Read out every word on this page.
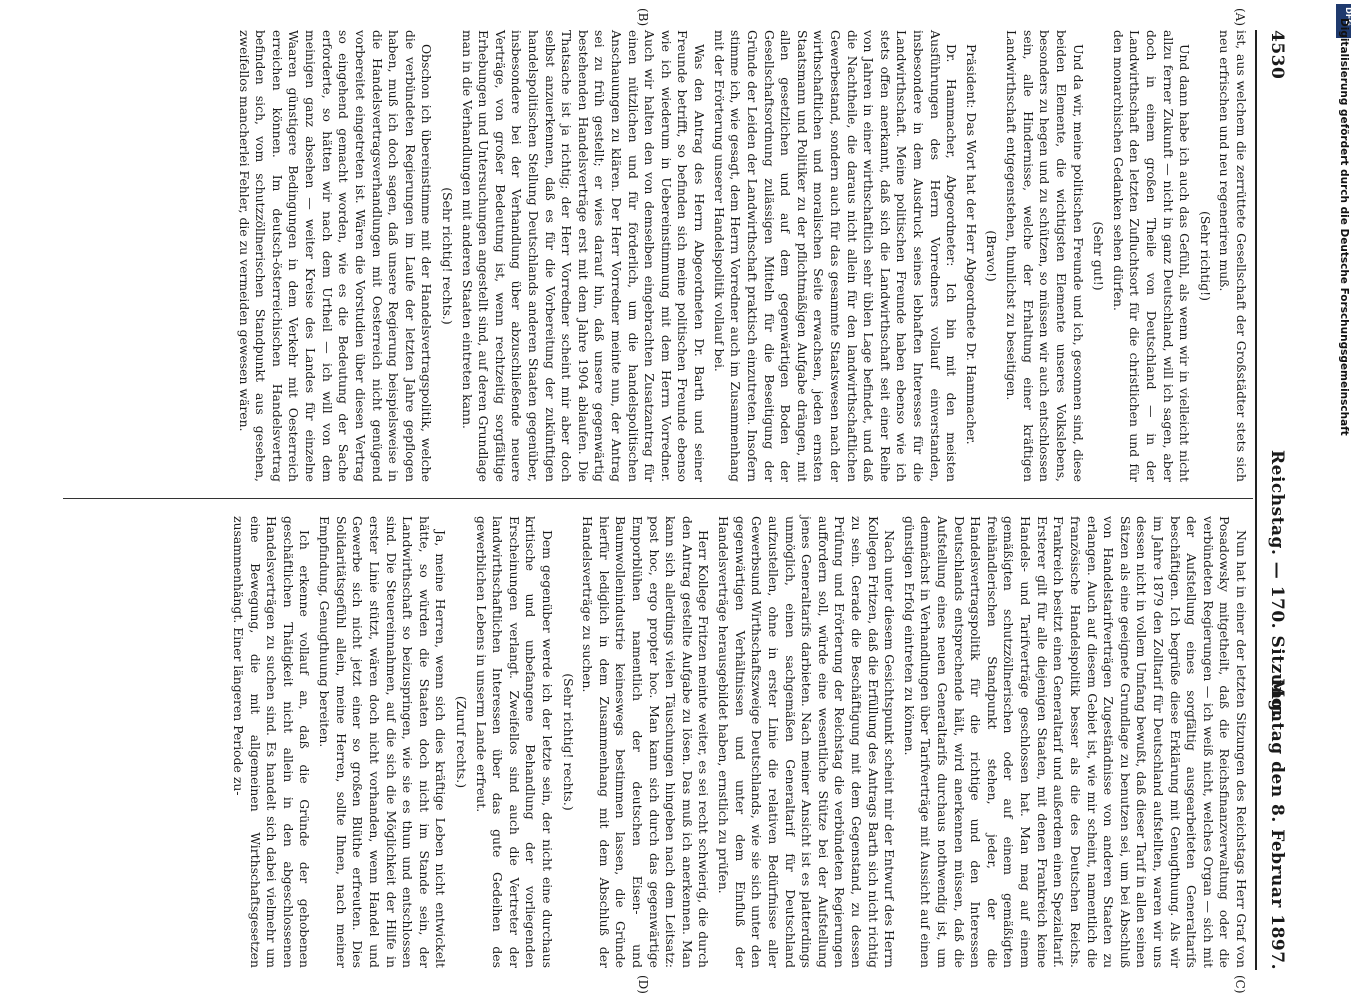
4530
Reichstag. — 170. Sitzung.
Montag den 8. Februar 1897.
(A)
(B)
(C)
(D)

ist, aus welchem die zerrüttete Gesellschaft der Großstädter stets sich neu erfrischen und neu regeneriren muß.

(Sehr richtig!)

Und dann habe ich auch das Gefühl, als wenn wir in vielleicht nicht allzu ferner Zukunft — nicht in ganz Deutschland, will ich sagen, aber doch in einem großen Theile von Deutschland — in der Landwirthschaft den letzten Zufluchtsort für die christlichen und für den monarchischen Gedanken sehen dürfen.

(Sehr gut!)

Und da wir, meine politischen Freunde und ich, gesonnen sind, diese beiden Elemente, die wichtigsten Elemente unseres Volkslebens, besonders zu hegen und zu schützen, so müssen wir auch entschlossen sein, alle Hindernisse, welche der Erhaltung einer kräftigen Landwirthschaft entgegenstehen, thunlichst zu beseitigen.

(Bravo!)

Präsident: Das Wort hat der Herr Abgeordnete Dr. Hammacher.

Dr. Hammacher, Abgeordneter: Ich bin mit den meisten Ausführungen des Herrn Vorredners vollauf einverstanden, insbesondere in dem Ausdruck seines lebhaften Interesses für die Landwirthschaft. Meine politischen Freunde haben ebenso wie ich stets offen anerkannt, daß sich die Landwirthschaft seit einer Reihe von Jahren in einer wirthschaftlich sehr üblen Lage befindet, und daß die Nachtheile, die daraus nicht allein für den landwirthschaftlichen Gewerbestand, sondern auch für das gesammte Staatswesen nach der wirthschaftlichen und moralischen Seite erwachsen, jeden ernsten Staatsmann und Politiker zu der pflichtmäßigen Aufgabe drängen, mit allen gesetzlichen und auf dem gegenwärtigen Boden der Gesellschaftsordnung zulässigen Mitteln für die Beseitigung der Gründe der Leiden der Landwirthschaft praktisch einzutreten. Insofern stimme ich, wie gesagt, dem Herrn Vorredner auch im Zusammenhang mit der Erörterung unserer Handelspolitik vollauf bei.

Was den Antrag des Herrn Abgeordneten Dr. Barth und seiner Freunde betrifft, so befinden sich meine politischen Freunde ebenso wie ich wiederum in Uebereinstimmung mit dem Herrn Vorredner. Auch wir halten den von demselben eingebrachten Zusatzantrag für einen nützlichen und für förderlich, um die handelspolitischen Anschauungen zu klären. Der Herr Vorredner meinte nun, der Antrag sei zu früh gestellt; er wies darauf hin, daß unsere gegenwärtig bestehenden Handelsverträge erst mit dem Jahre 1904 ablaufen. Die Thatsache ist ja richtig; der Herr Vorredner scheint mir aber doch selbst anzuerkennen, daß es für die Vorbereitung der zukünftigen handelspolitischen Stellung Deutschlands anderen Staaten gegenüber, insbesondere bei der Verhandlung über abzuschließende neuere Verträge, von großer Bedeutung ist, wenn rechtzeitig sorgfältige Erhebungen und Untersuchungen angestellt sind, auf deren Grundlage man in die Verhandlungen mit anderen Staaten eintreten kann.

(Sehr richtig! rechts.)

Obschon ich übereinstimme mit der Handelsvertragspolitik, welche die verbündeten Regierungen im Laufe der letzten Jahre gepflogen haben, muß ich doch sagen, daß unsere Regierung beispielsweise in die Handelsvertragsverhandlungen mit Oesterreich nicht genügend vorbereitet eingetreten ist. Wären die Vorstudien über diesen Vertrag so eingehend gemacht worden, wie es die Bedeutung der Sache erforderte, so hätten wir nach dem Urtheil — ich will von dem meinigen ganz absehen — weiter Kreise des Landes für einzelne Waaren günstigere Bedingungen in dem Verkehr mit Oesterreich erreichen können. Im deutsch-österreichischen Handelsvertrag befinden sich, vom schutzzöllnerischen Standpunkt aus gesehen, zweifellos mancherlei Fehler, die zu vermeiden gewesen wären.

Nun hat in einer der letzten Sitzungen des Reichstags Herr Graf von Posadowsky mitgetheilt, daß die Reichsfinanzverwaltung oder die verbündeten Regierungen — ich weiß nicht, welches Organ — sich mit der Aufstellung eines sorgfältig ausgearbeiteten Generaltarifs beschäftigen. Ich begrüße diese Erklärung mit Genugthuung. Als wir im Jahre 1879 den Zolltarif für Deutschland aufstellten, waren wir uns dessen nicht in vollem Umfang bewußt, daß dieser Tarif in allen seinen Sätzen als eine geeignete Grundlage zu benutzen sei, um bei Abschluß von Handelstarifverträgen Zugeständnisse von anderen Staaten zu erlangen. Auch auf diesem Gebiet ist, wie mir scheint, namentlich die französische Handelspolitik besser als die des Deutschen Reichs. Frankreich besitzt einen Generaltarif und außerdem einen Spezialtarif. Ersterer gilt für alle diejenigen Staaten, mit denen Frankreich keine Handels- und Tarifverträge geschlossen hat. Man mag auf einem gemäßigten schutzzöllnerischen oder auf einem gemäßigten freihändlerischen Standpunkt stehen, jeder, der die Handelsvertragspolitik für die richtige und den Interessen Deutschlands entsprechende hält, wird anerkennen müssen, daß die Aufstellung eines neuen Generaltarifs durchaus nothwendig ist, um demnächst in Verhandlungen über Tarifverträge mit Aussicht auf einen günstigen Erfolg eintreten zu können.

Nach unter diesem Gesichtspunkt scheint mir der Entwurf des Herrn Kollegen Fritzen, daß die Erfüllung des Antrags Barth sich nicht richtig zu sein. Gerade die Beschäftigung mit dem Gegenstand, zu dessen Prüfung und Erörterung der Reichstag die verbündeten Regierungen auffordern soll, würde eine wesentliche Stütze bei der Aufstellung jenes Generaltarifs darbieten. Nach meiner Ansicht ist es platterdings unmöglich, einen sachgemäßen Generaltarif für Deutschland aufzustellen, ohne in erster Linie die relativen Bedürfnisse aller Gewerbsund Wirthschaftszweige Deutschlands, wie sie sich unter den gegenwärtigen Verhältnissen und unter dem Einfluß der Handelsverträge herausgebildet haben, ernstlich zu prüfen.

Herr Kollege Fritzen meinte weiter, es sei recht schwierig, die durch den Antrag gestellte Aufgabe zu lösen. Das muß ich anerkennen. Man kann sich allerdings vielen Täuschungen hingeben nach dem Leitsatz: post hoc, ergo propter hoc. Man kann sich durch das gegenwärtige Emporblühen namentlich der deutschen Eisen- und Baumwollenindustrie keineswegs bestimmen lassen, die Gründe hierfür lediglich in dem Zusammenhang mit dem Abschluß der Handelsverträge zu suchen.

(Sehr richtig! rechts.)

Dem gegenüber werde ich der letzte sein, der nicht eine durchaus kritische und unbefangene Behandlung der vorliegenden Erscheinungen verlangt. Zweifellos sind auch die Vertreter der landwirthschaftlichen Interessen über das gute Gedeihen des gewerblichen Lebens in unserm Lande erfreut.

(Zuruf rechts.)

Ja, meine Herren, wenn sich dies kräftige Leben nicht entwickelt hätte, so würden die Staaten doch nicht im Stande sein, der Landwirthschaft so beizuspringen, wie sie es thun und entschlossen sind. Die Steuereinnahmen, auf die sich die Möglichkeit der Hilfe in erster Linie stützt, wären doch nicht vorhanden, wenn Handel und Gewerbe sich nicht jetzt einer so großen Blüthe erfreuten. Dies Solidaritätsgefühl allein, meine Herren, sollte Ihnen, nach meiner Empfindung, Genugthuung bereiten.

Ich erkenne vollauf an, daß die Gründe der gehobenen geschäftlichen Thätigkeit nicht allein in den abgeschlossenen Handelsverträgen zu suchen sind. Es handelt sich dabei vielmehr um eine Bewegung, die mit allgemeinen Wirthschaftsgesetzen zusammenhängt. Einer längeren Periode zu-

DFG
Digitalisierung gefördert durch die Deutsche Forschungsgemeinschaft
